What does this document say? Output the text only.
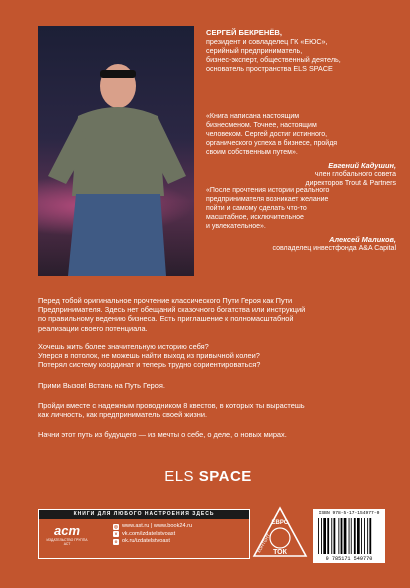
СЕРГЕЙ БЕКРЕНЁВ,
президент и совладелец ГК «ЕЮС»,
серийный предприниматель,
бизнес-эксперт, общественный деятель,
основатель пространства ELS SPACE
«Книга написана настоящим
бизнесменом. Точнее, настоящим
человеком. Сергей достиг истинного,
органического успеха в бизнесе, пройдя
своим собственным путем».
Евгений Кадушин,
член глобального совета
директоров Trout & Partners
«После прочтения истории реального
предпринимателя возникает желание
пойти и самому сделать что-то
масштабное, исключительное
и увлекательное».
Алексей Маликов,
совладелец инвестфонда A&A Capital
Перед тобой оригинальное прочтение классического Пути Героя как Пути
Предпринимателя. Здесь нет обещаний сказочного богатства или инструкций
по правильному ведению бизнеса. Есть приглашение к полномасштабной
реализации своего потенциала.
Хочешь жить более значительную историю себя?
Уперся в потолок, не можешь найти выход из привычной колеи?
Потерял систему координат и теперь трудно сориентироваться?
Прими Вызов! Встань на Путь Героя.
Пройди вместе с надежным проводником 8 квестов, в которых ты вырастешь
как личность, как предприниматель своей жизни.
Начни этот путь из будущего — из мечты о себе, о деле, о новых мирах.
ELS SPACE
КНИГИ ДЛЯ ЛЮБОГО НАСТРОЕНИЯ ЗДЕСЬ
аст
ИЗДАТЕЛЬСТВО ГРУППА АСТ
◎ www.ast.ru | www.book24.ru
v vk.com/izdatelstvoast
o ok.ru/izdatelstvoast
ЕВРО
КОНТЕНТ ТОК
ISBN 978-5-17-154977-0
9 785171 549770
